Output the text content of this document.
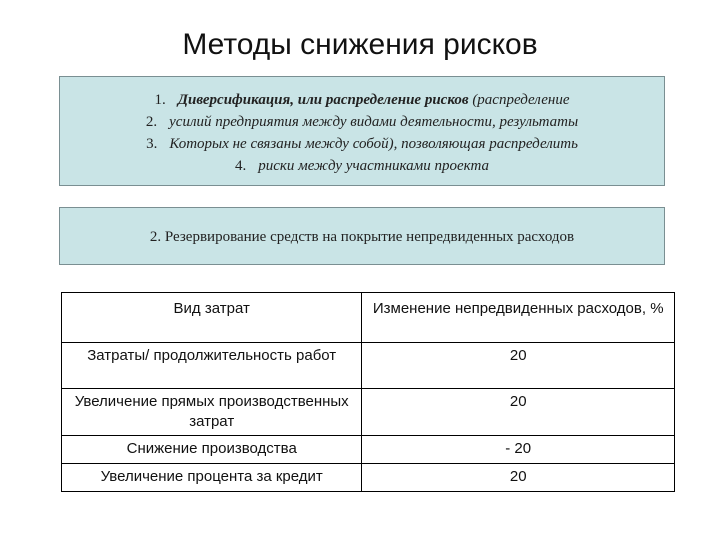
Методы снижения рисков
1. Диверсификация, или распределение рисков (распределение
2. усилий предприятия между видами деятельности, результаты
3. Которых не связаны между собой), позволяющая распределить
4. риски между участниками проекта
2. Резервирование средств на покрытие непредвиденных расходов
Вид затрат	Изменение непредвиденных расходов, %
Затраты/ продолжительность работ	20
Увеличение прямых производственных затрат	20
Снижение производства	- 20
Увеличение процента за кредит	20
